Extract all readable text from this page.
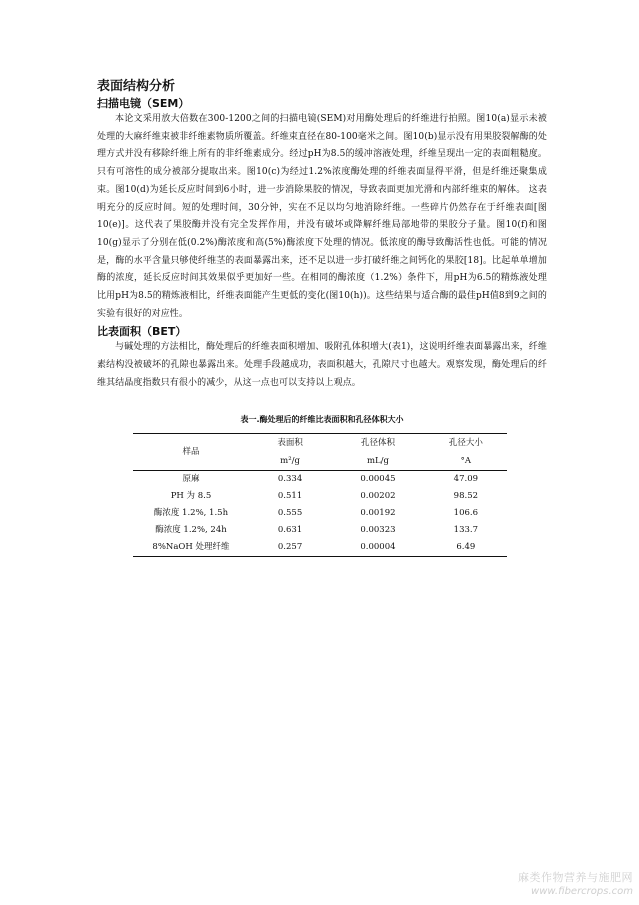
表面结构分析
扫描电镜（SEM）

本论文采用放大倍数在300-1200之间的扫描电镜(SEM)对用酶处理后的纤维进行拍照。图10(a)显示未被处理的大麻纤维束被非纤维素物质所覆盖。纤维束直径在80-100毫米之间。图10(b)显示没有用果胶裂解酶的处理方式并没有移除纤维上所有的非纤维素成分。经过pH为8.5的缓冲溶液处理，纤维呈现出一定的表面粗糙度。只有可溶性的成分被部分提取出来。图10(c)为经过1.2%浓度酶处理的纤维表面显得平滑，但是纤维还聚集成束。图10(d)为延长反应时间到6小时，进一步消除果胶的情况，导致表面更加光滑和内部纤维束的解体。 这表明充分的反应时间。短的处理时间，30分钟，实在不足以均匀地消除纤维。一些碎片仍然存在于纤维表面[图10(e)]。这代表了果胶酶并没有完全发挥作用，并没有破坏或降解纤维局部地带的果胶分子量。图10(f)和图10(g)显示了分别在低(0.2%)酶浓度和高(5%)酶浓度下处理的情况。低浓度的酶导致酶活性也低。可能的情况是，酶的水平含量只够使纤维茎的表面暴露出来，还不足以进一步打破纤维之间钙化的果胶[18]。比起单单增加酶的浓度，延长反应时间其效果似乎更加好一些。在相同的酶浓度（1.2%）条件下，用pH为6.5的精炼液处理比用pH为8.5的精炼液相比，纤维表面能产生更低的变化(图10(h))。这些结果与适合酶的最佳pH值8到9之间的实验有很好的对应性。

比表面积（BET）

与碱处理的方法相比，酶处理后的纤维表面积增加、吸附孔体积增大(表1)，这说明纤维表面暴露出来，纤维素结构没被破坏的孔隙也暴露出来。处理手段越成功，表面积越大，孔隙尺寸也越大。观察发现，酶处理后的纤维其结晶度指数只有很小的减少，从这一点也可以支持以上观点。

表一.酶处理后的纤维比表面积和孔径体积大小

样品	表面积	孔径体积	孔径大小
	m²/g	mL/g	°A
原麻	0.334	0.00045	47.09
PH 为 8.5	0.511	0.00202	98.52
酶浓度 1.2%, 1.5h	0.555	0.00192	106.6
酶浓度 1.2%, 24h	0.631	0.00323	133.7
8%NaOH 处理纤维	0.257	0.00004	6.49
麻类作物营养与施肥网
www.fibercrops.com
